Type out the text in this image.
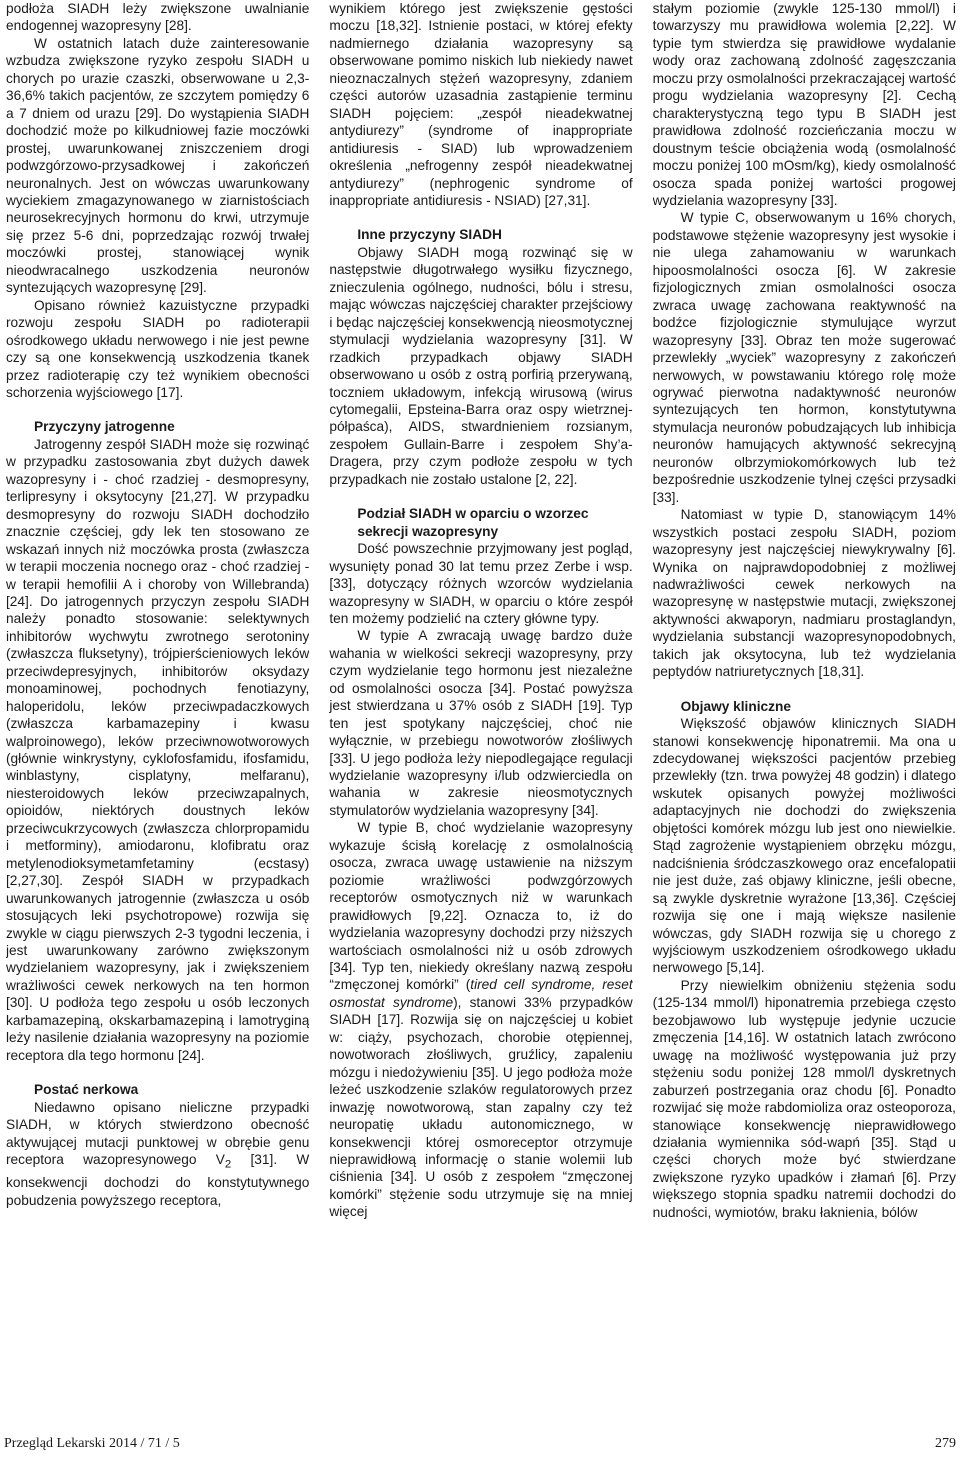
podłoża SIADH leży zwiększone uwalnianie endogennej wazopresyny [28].

W ostatnich latach duże zainteresowanie wzbudza zwiększone ryzyko zespołu SIADH u chorych po urazie czaszki, obserwowane u 2,3-36,6% takich pacjentów, ze szczytem pomiędzy 6 a 7 dniem od urazu [29]. Do wystąpienia SIADH dochodzić może po kilkudniowej fazie moczówki prostej, uwarunkowanej zniszczeniem drogi podwzgórzowo-przysadkowej i zakończeń neuronalnych. Jest on wówczas uwarunkowany wyciekiem zmagazynowanego w ziarnistościach neurosekrecyjnych hormonu do krwi, utrzymuje się przez 5-6 dni, poprzedzając rozwój trwałej moczówki prostej, stanowiącej wynik nieodwracalnego uszkodzenia neuronów syntezujących wazopresynę [29].

Opisano również kazuistyczne przypadki rozwoju zespołu SIADH po radioterapii ośrodkowego układu nerwowego i nie jest pewne czy są one konsekwencją uszkodzenia tkanek przez radioterapię czy też wynikiem obecności schorzenia wyjściowego [17].

Przyczyny jatrogenne

Jatrogenny zespół SIADH może się rozwinąć w przypadku zastosowania zbyt dużych dawek wazopresyny i - choć rzadziej - desmopresyny, terlipresyny i oksytocyny [21,27]. W przypadku desmopresyny do rozwoju SIADH dochodziło znacznie częściej, gdy lek ten stosowano ze wskazań innych niż moczówka prosta (zwłaszcza w terapii moczenia nocnego oraz - choć rzadziej - w terapii hemofilii A i choroby von Willebranda) [24]. Do jatrogennych przyczyn zespołu SIADH należy ponadto stosowanie: selektywnych inhibitorów wychwytu zwrotnego serotoniny (zwłaszcza fluksetyny), trójpierścieniowych leków przeciwdepresyjnych, inhibitorów oksydazy monoaminowej, pochodnych fenotiazyny, haloperidolu, leków przeciwpadaczkowych (zwłaszcza karbamazepiny i kwasu walproinowego), leków przeciwnowotworowych (głównie winkrystyny, cyklofosfamidu, ifosfamidu, winblastyny, cisplatyny, melfaranu), niesteroidowych leków przeciwzapalnych, opioidów, niektórych doustnych leków przeciwcukrzycowych (zwłaszcza chlorpropamidu i metforminy), amiodaronu, klofibratu oraz metylenodioksymetamfetaminy (ecstasy) [2,27,30]. Zespół SIADH w przypadkach uwarunkowanych jatrogennie (zwłaszcza u osób stosujących leki psychotropowe) rozwija się zwykle w ciągu pierwszych 2-3 tygodni leczenia, i jest uwarunkowany zarówno zwiększonym wydzielaniem wazopresyny, jak i zwiększeniem wrażliwości cewek nerkowych na ten hormon [30]. U podłoża tego zespołu u osób leczonych karbamazepiną, okskarbamazepiną i lamotryginą leży nasilenie działania wazopresyny na poziomie receptora dla tego hormonu [24].

Postać nerkowa

Niedawno opisano nieliczne przypadki SIADH, w których stwierdzono obecność aktywującej mutacji punktowej w obrębie genu receptora wazopresynowego $V_2$ [31]. W konsekwencji dochodzi do konstytutywnego pobudzenia powyższego receptora,

wynikiem którego jest zwiększenie gęstości moczu [18,32]. Istnienie postaci, w której efekty nadmiernego działania wazopresyny są obserwowane pomimo niskich lub niekiedy nawet nieoznaczalnych stężeń wazopresyny, zdaniem części autorów uzasadnia zastąpienie terminu SIADH pojęciem: „zespół nieadekwatnej antydiurezy” (syndrome of inappropriate antidiuresis - SIAD) lub wprowadzeniem określenia „nefrogenny zespół nieadekwatnej antydiurezy” (nephrogenic syndrome of inappropriate antidiuresis - NSIAD) [27,31].

Inne przyczyny SIADH

Objawy SIADH mogą rozwinąć się w następstwie długotrwałego wysiłku fizycznego, znieczulenia ogólnego, nudności, bólu i stresu, mając wówczas najczęściej charakter przejściowy i będąc najczęściej konsekwencją nieosmotycznej stymulacji wydzielania wazopresyny [31]. W rzadkich przypadkach objawy SIADH obserwowano u osób z ostrą porfirią przerywaną, toczniem układowym, infekcją wirusową (wirus cytomegalii, Epsteina-Barra oraz ospy wietrznej-półpaśca), AIDS, stwardnieniem rozsianym, zespołem Gullain-Barre i zespołem Shy’a-Dragera, przy czym podłoże zespołu w tych przypadkach nie zostało ustalone [2, 22].

Podział SIADH w oparciu o wzorzec sekrecji wazopresyny

Dość powszechnie przyjmowany jest pogląd, wysunięty ponad 30 lat temu przez Zerbe i wsp. [33], dotyczący różnych wzorców wydzielania wazopresyny w SIADH, w oparciu o które zespół ten możemy podzielić na cztery główne typy.

W typie A zwracają uwagę bardzo duże wahania w wielkości sekrecji wazopresyny, przy czym wydzielanie tego hormonu jest niezależne od osmolalności osocza [34]. Postać powyższa jest stwierdzana u 37% osób z SIADH [19]. Typ ten jest spotykany najczęściej, choć nie wyłącznie, w przebiegu nowotworów złośliwych [33]. U jego podłoża leży niepodlegające regulacji wydzielanie wazopresyny i/lub odzwierciedla on wahania w zakresie nieosmotycznych stymulatorów wydzielania wazopresyny [34].

W typie B, choć wydzielanie wazopresyny wykazuje ścisłą korelację z osmolalnością osocza, zwraca uwagę ustawienie na niższym poziomie wrażliwości podwzgórzowych receptorów osmotycznych niż w warunkach prawidłowych [9,22]. Oznacza to, iż do wydzielania wazopresyny dochodzi przy niższych wartościach osmolalności niż u osób zdrowych [34]. Typ ten, niekiedy określany nazwą zespołu “zmęczonej komórki” (tired cell syndrome, reset osmostat syndrome), stanowi 33% przypadków SIADH [17]. Rozwija się on najczęściej u kobiet w: ciąży, psychozach, chorobie otępiennej, nowotworach złośliwych, gruźlicy, zapaleniu mózgu i niedożywieniu [35]. U jego podłoża może leżeć uszkodzenie szlaków regulatorowych przez inwazję nowotworową, stan zapalny czy też neuropatię układu autonomicznego, w konsekwencji której osmoreceptor otrzymuje nieprawidłową informację o stanie wolemii lub ciśnienia [34]. U osób z zespołem “zmęczonej komórki” stężenie sodu utrzymuje się na mniej więcej

stałym poziomie (zwykle 125-130 mmol/l) i towarzyszy mu prawidłowa wolemia [2,22]. W typie tym stwierdza się prawidłowe wydalanie wody oraz zachowaną zdolność zagęszczania moczu przy osmolalności przekraczającej wartość progu wydzielania wazopresyny [2]. Cechą charakterystyczną tego typu B SIADH jest prawidłowa zdolność rozcieńczania moczu w doustnym teście obciążenia wodą (osmolalność moczu poniżej 100 mOsm/kg), kiedy osmolalność osocza spada poniżej wartości progowej wydzielania wazopresyny [33].

W typie C, obserwowanym u 16% chorych, podstawowe stężenie wazopresyny jest wysokie i nie ulega zahamowaniu w warunkach hipoosmolalności osocza [6]. W zakresie fizjologicznych zmian osmolalności osocza zwraca uwagę zachowana reaktywność na bodźce fizjologicznie stymulujące wyrzut wazopresyny [33]. Obraz ten może sugerować przewlekły „wyciek” wazopresyny z zakończeń nerwowych, w powstawaniu którego rolę może ogrywać pierwotna nadaktywność neuronów syntezujących ten hormon, konstytutywna stymulacja neuronów pobudzających lub inhibicja neuronów hamujących aktywność sekrecyjną neuronów olbrzymiokomórkowych lub też bezpośrednie uszkodzenie tylnej części przysadki [33].

Natomiast w typie D, stanowiącym 14% wszystkich postaci zespołu SIADH, poziom wazopresyny jest najczęściej niewykrywalny [6]. Wynika on najprawdopodobniej z możliwej nadwrażliwości cewek nerkowych na wazopresynę w następstwie mutacji, zwiększonej aktywności akwaporyn, nadmiaru prostaglandyn, wydzielania substancji wazopresynopodobnych, takich jak oksytocyna, lub też wydzielania peptydów natriuretycznych [18,31].

Objawy kliniczne

Większość objawów klinicznych SIADH stanowi konsekwencję hiponatremii. Ma ona u zdecydowanej większości pacjentów przebieg przewlekły (tzn. trwa powyżej 48 godzin) i dlatego wskutek opisanych powyżej możliwości adaptacyjnych nie dochodzi do zwiększenia objętości komórek mózgu lub jest ono niewielkie. Stąd zagrożenie wystąpieniem obrzęku mózgu, nadciśnienia śródczaszkowego oraz encefalopatii nie jest duże, zaś objawy kliniczne, jeśli obecne, są zwykle dyskretnie wyrażone [13,36]. Częściej rozwija się one i mają większe nasilenie wówczas, gdy SIADH rozwija się u chorego z wyjściowym uszkodzeniem ośrodkowego układu nerwowego [5,14].

Przy niewielkim obniżeniu stężenia sodu (125-134 mmol/l) hiponatremia przebiega często bezobjawowo lub występuje jedynie uczucie zmęczenia [14,16]. W ostatnich latach zwrócono uwagę na możliwość występowania już przy stężeniu sodu poniżej 128 mmol/l dyskretnych zaburzeń postrzegania oraz chodu [6]. Ponadto rozwijać się może rabdomioliza oraz osteoporoza, stanowiące konsekwencję nieprawidłowego działania wymiennika sód-wapń [35]. Stąd u części chorych może być stwierdzane zwiększone ryzyko upadków i złamań [6]. Przy większego stopnia spadku natremii dochodzi do nudności, wymiotów, braku łaknienia, bólów

Przegląd Lekarski 2014 / 71 / 5	279
